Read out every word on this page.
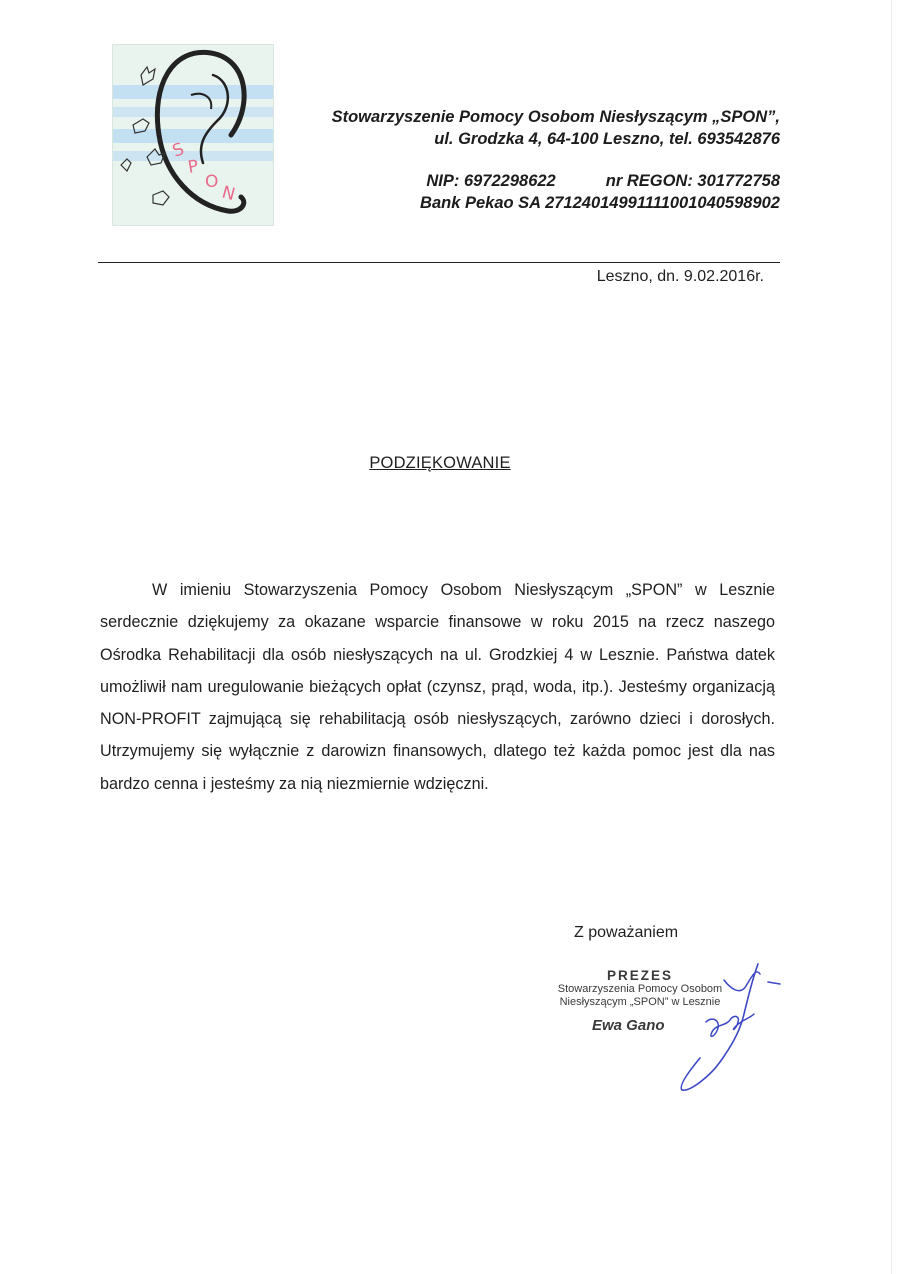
S
P
O
N
Stowarzyszenie Pomocy Osobom Niesłyszącym „SPON”,
ul. Grodzka 4, 64-100 Leszno, tel. 693542876
NIP: 6972298622	nr REGON: 301772758
Bank Pekao SA 27124014991111001040598902
Leszno, dn. 9.02.2016r.
PODZIĘKOWANIE
W imieniu Stowarzyszenia Pomocy Osobom Niesłyszącym „SPON” w Lesznie serdecznie dziękujemy za okazane wsparcie finansowe w roku 2015 na rzecz naszego Ośrodka Rehabilitacji dla osób niesłyszących na ul. Grodzkiej 4 w Lesznie. Państwa datek umożliwił nam uregulowanie bieżących opłat (czynsz, prąd, woda, itp.). Jesteśmy organizacją NON-PROFIT zajmującą się rehabilitacją osób niesłyszących, zarówno dzieci i dorosłych. Utrzymujemy się wyłącznie z darowizn finansowych, dlatego też każda pomoc jest dla nas bardzo cenna i jesteśmy za nią niezmiernie wdzięczni.
Z poważaniem
PREZES
Stowarzyszenia Pomocy Osobom
Niesłyszącym „SPON” w Lesznie
Ewa Gano
